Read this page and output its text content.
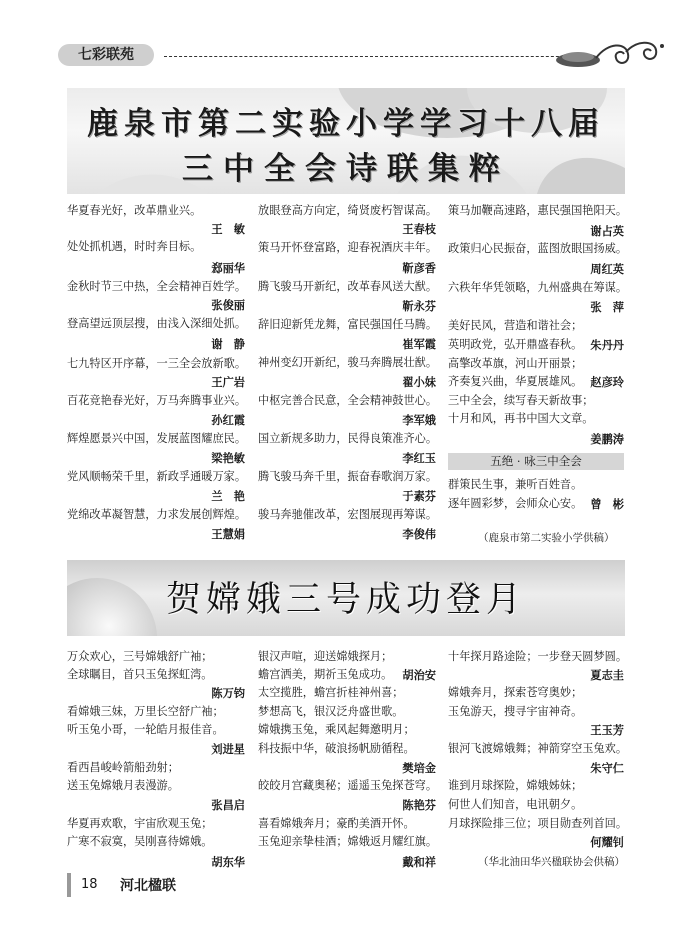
七彩联苑
鹿泉市第二实验小学学习十八届
三中全会诗联集粹
华夏春光好，改革鼎业兴。
王　敏
处处抓机遇，时时奔目标。
郄丽华
金秋时节三中热，全会精神百姓学。
张俊丽
登高望远顶层搜，由浅入深细处抓。
谢　静
七九特区开序幕，一三全会放新歌。
王广岩
百花竞艳春光好，万马奔腾事业兴。
孙红霞
辉煌愿景兴中国，发展蓝图耀庶民。
梁艳敏
党风顺畅荣千里，新政孚通暖万家。
兰　艳
党绵改革凝智慧，力求发展创辉煌。
王慧娟
放眼登高方向定，绮贤废朽智谋高。
王春枝
策马开怀登富路，迎春祝酒庆丰年。
靳彦香
腾飞骏马开新纪，改革春风送大猷。
靳永芬
辞旧迎新凭龙舞，富民强国任马腾。
崔军霞
神州变幻开新纪，骏马奔腾展壮猷。
翟小妹
中枢完善合民意，全会精神鼓世心。
李军娥
国立新规多助力，民得良策准齐心。
李红玉
腾飞骏马奔千里，振奋春歌润万家。
于素芬
骏马奔驰催改革，宏图展现再筹谋。
李俊伟
策马加鞭高速路，惠民强国艳阳天。
谢占英
政策归心民振奋，蓝图放眼国扬威。
周红英
六秩年华凭领略，九州盛典在筹谋。
张　萍
美好民风，营造和谐社会；
英明政党，弘开鼎盛春秋。 朱丹丹
高擎改革旗，河山开丽景；
齐奏复兴曲，华夏展雄风。 赵彦玲
三中全会，续写春天新故事；
十月和风，再书中国大文章。
姜鹏涛
五绝 · 咏三中全会
群策民生事，兼听百姓音。
逐年圆彩梦，会师众心安。 曾　彬
（鹿泉市第二实验小学供稿）
贺嫦娥三号成功登月
万众欢心，三号嫦娥舒广袖；
全球瞩目，首只玉兔探虹湾。
陈万钧
看嫦娥三妹，万里长空舒广袖；
听玉兔小哥，一轮皓月报佳音。
刘进星
看西昌峻岭箭船劲射；
送玉兔嫦娥月表漫游。
张昌启
华夏再欢歌，宇宙欣观玉兔；
广寒不寂寞，吴刚喜待嫦娥。
胡东华
银汉声喧，迎送嫦娥探月；
蟾宫洒美，期祈玉兔成功。 胡治安
太空揽胜，蟾宫折桂神州喜；
梦想高飞，银汉泛舟盛世歌。
嫦娥携玉兔，乘风起舞邀明月；
科技振中华，破浪扬帆励循程。
樊培金
皎皎月宫藏奥秘；遥遥玉兔探苍穹。
陈艳芬
喜看嫦娥奔月；豪酌美酒开怀。
玉兔迎亲挚桂酒；嫦娥返月耀红旗。
戴和祥
十年探月路途险；一步登天圆梦圆。
夏志圭
嫦娥奔月，探索苍穹奥妙；
玉兔游天，搜寻宇宙神奇。
王玉芳
银河飞渡嫦娥舞；神箭穿空玉兔欢。
朱守仁
谁到月球探险，嫦娥姊妹；
何世人们知音，电讯朝夕。
月球探险排三位；项目勋查列首回。
何耀钊
（华北油田华兴楹联协会供稿）
18 河北楹联
